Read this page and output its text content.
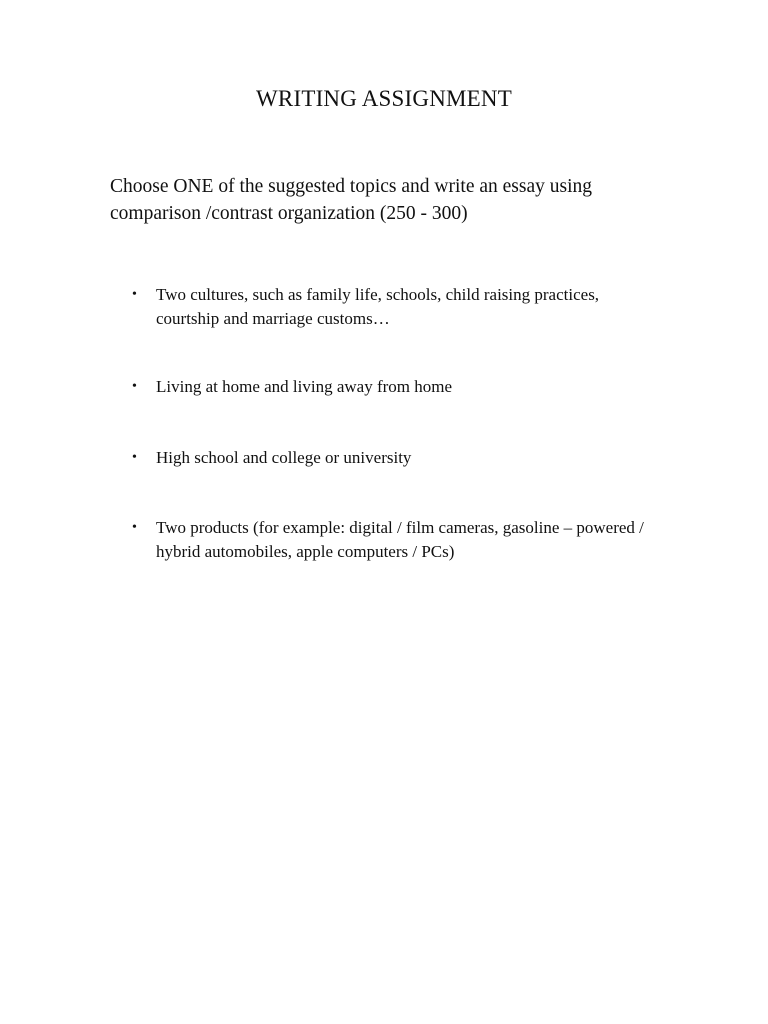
WRITING ASSIGNMENT

Choose ONE of the suggested topics and write an essay using comparison /contrast organization (250 - 300)

•	Two cultures, such as family life, schools, child raising practices, courtship and marriage customs…
•	Living at home and living away from home
•	High school and college or university
•	Two products (for example: digital / film cameras, gasoline – powered / hybrid automobiles, apple computers / PCs)
